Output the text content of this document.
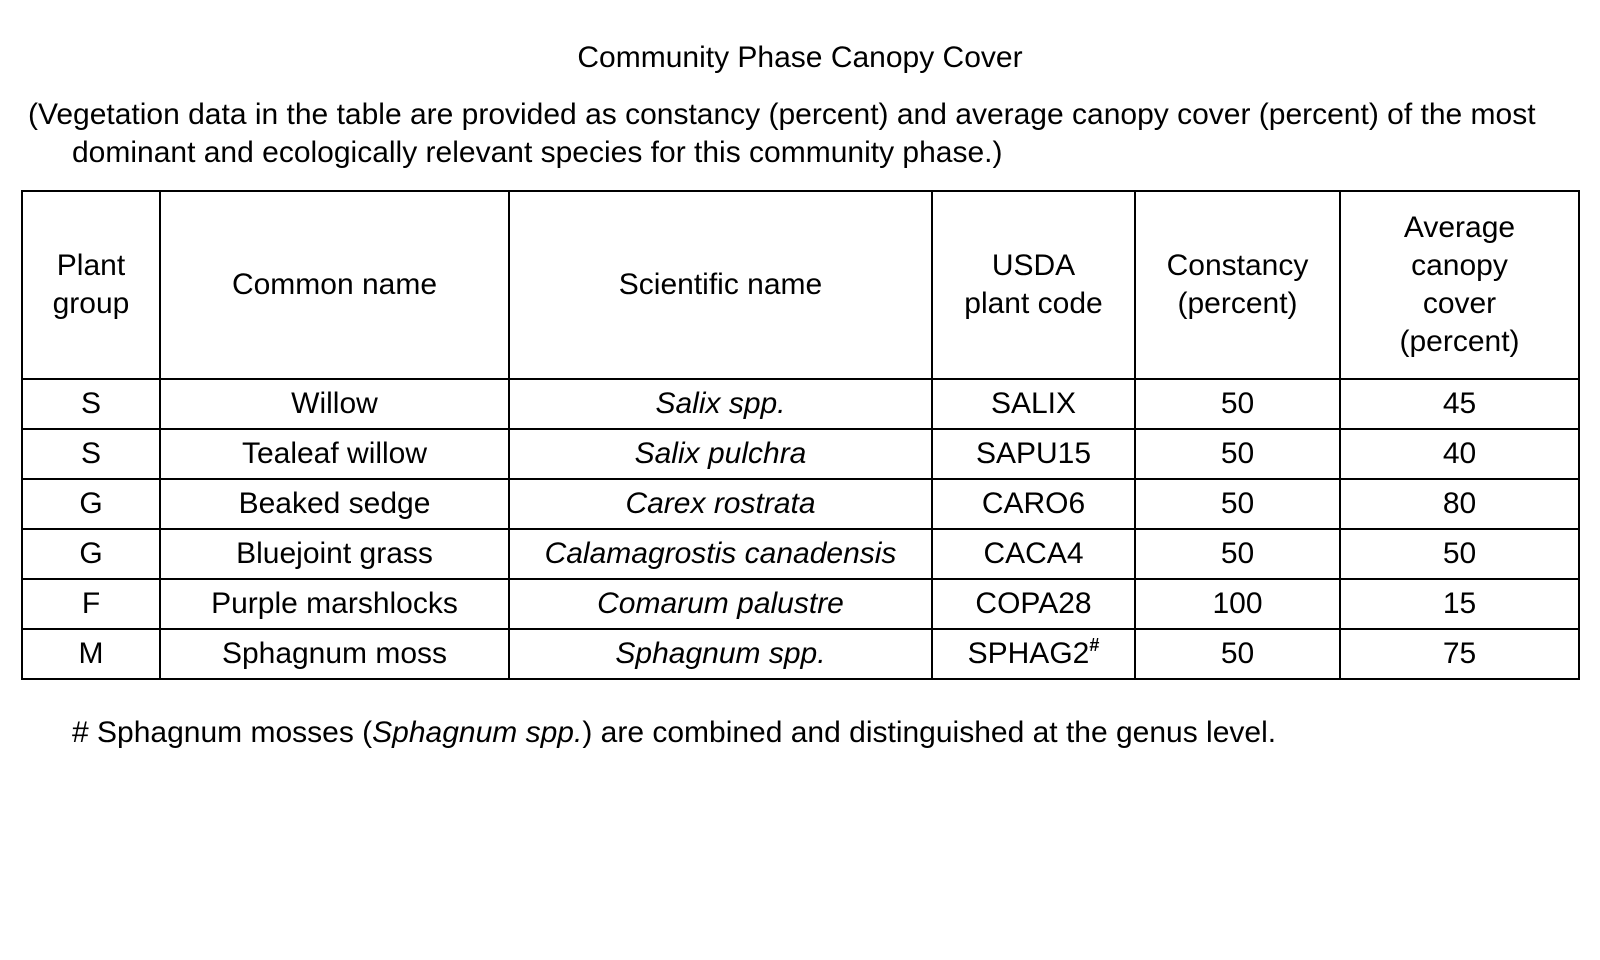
Community Phase Canopy Cover
(Vegetation data in the table are provided as constancy (percent) and average canopy cover (percent) of the most dominant and ecologically relevant species for this community phase.)
Plant group	Common name	Scientific name	USDA plant code	Constancy (percent)	Average canopy cover (percent)
S	Willow	Salix spp.	SALIX	50	45
S	Tealeaf willow	Salix pulchra	SAPU15	50	40
G	Beaked sedge	Carex rostrata	CARO6	50	80
G	Bluejoint grass	Calamagrostis canadensis	CACA4	50	50
F	Purple marshlocks	Comarum palustre	COPA28	100	15
M	Sphagnum moss	Sphagnum spp.	SPHAG2#	50	75
# Sphagnum mosses (Sphagnum spp.) are combined and distinguished at the genus level.
